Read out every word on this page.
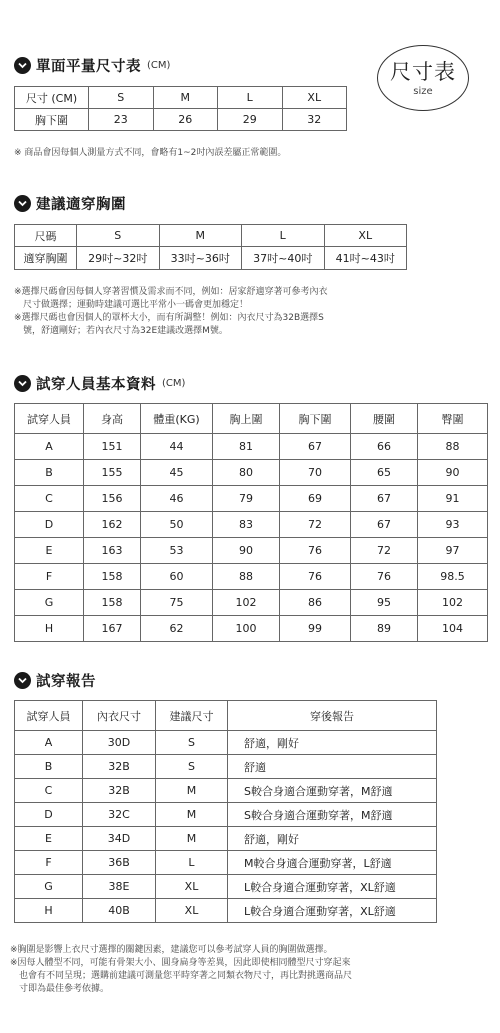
尺寸表
size
單面平量尺寸表 (CM)
尺寸 (CM)	S	M	L	XL
胸下圍	23	26	29	32
※ 商品會因每個人測量方式不同，會略有1~2吋內誤差屬正常範圍。
建議適穿胸圍
尺碼	S	M	L	XL
適穿胸圍	29吋~32吋	33吋~36吋	37吋~40吋	41吋~43吋
※選擇尺碼會因每個人穿著習慣及需求而不同，例如：居家舒適穿著可參考內衣
　尺寸做選擇；運動時建議可選比平常小一碼會更加穩定！
※選擇尺碼也會因個人的罩杯大小，而有所調整！例如：內衣尺寸為32B選擇S
　號，舒適剛好；若內衣尺寸為32E建議改選擇M號。
試穿人員基本資料 (CM)
試穿人員	身高	體重(KG)	胸上圍	胸下圍	腰圍	臀圍
A	151	44	81	67	66	88
B	155	45	80	70	65	90
C	156	46	79	69	67	91
D	162	50	83	72	67	93
E	163	53	90	76	72	97
F	158	60	88	76	76	98.5
G	158	75	102	86	95	102
H	167	62	100	99	89	104
試穿報告
試穿人員	內衣尺寸	建議尺寸	穿後報告
A	30D	S	舒適，剛好
B	32B	S	舒適
C	32B	M	S較合身適合運動穿著，M舒適
D	32C	M	S較合身適合運動穿著，M舒適
E	34D	M	舒適，剛好
F	36B	L	M較合身適合運動穿著，L舒適
G	38E	XL	L較合身適合運動穿著，XL舒適
H	40B	XL	L較合身適合運動穿著，XL舒適
※胸圍是影響上衣尺寸選擇的關鍵因素，建議您可以參考試穿人員的胸圍做選擇。
※因每人體型不同，可能有骨架大小、圓身扁身等差異，因此即使相同體型尺寸穿起來
　也會有不同呈現；選購前建議可測量您平時穿著之同類衣物尺寸，再比對挑選商品尺
　寸即為最佳參考依據。
